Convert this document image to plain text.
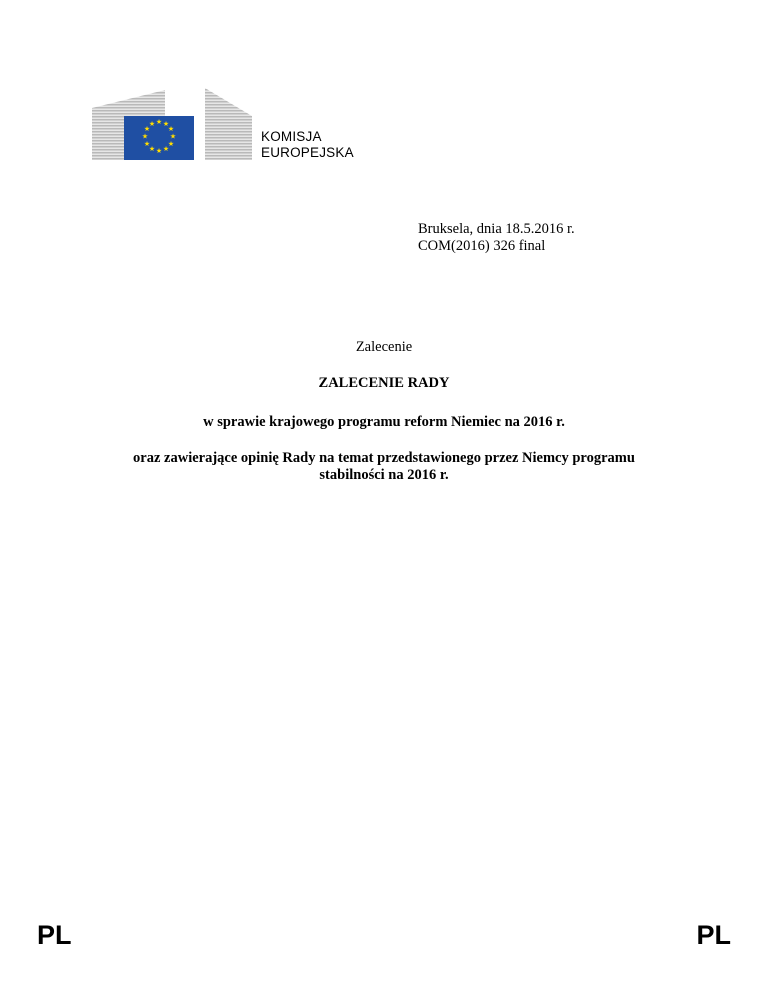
★ ★
★
★
★
★
★
★
★
★
★
★
KOMISJA
EUROPEJSKA
Bruksela, dnia 18.5.2016 r.
COM(2016) 326 final
Zalecenie
ZALECENIE RADY
w sprawie krajowego programu reform Niemiec na 2016 r.
oraz zawierające opinię Rady na temat przedstawionego przez Niemcy programu stabilności na 2016 r.
PL	PL
